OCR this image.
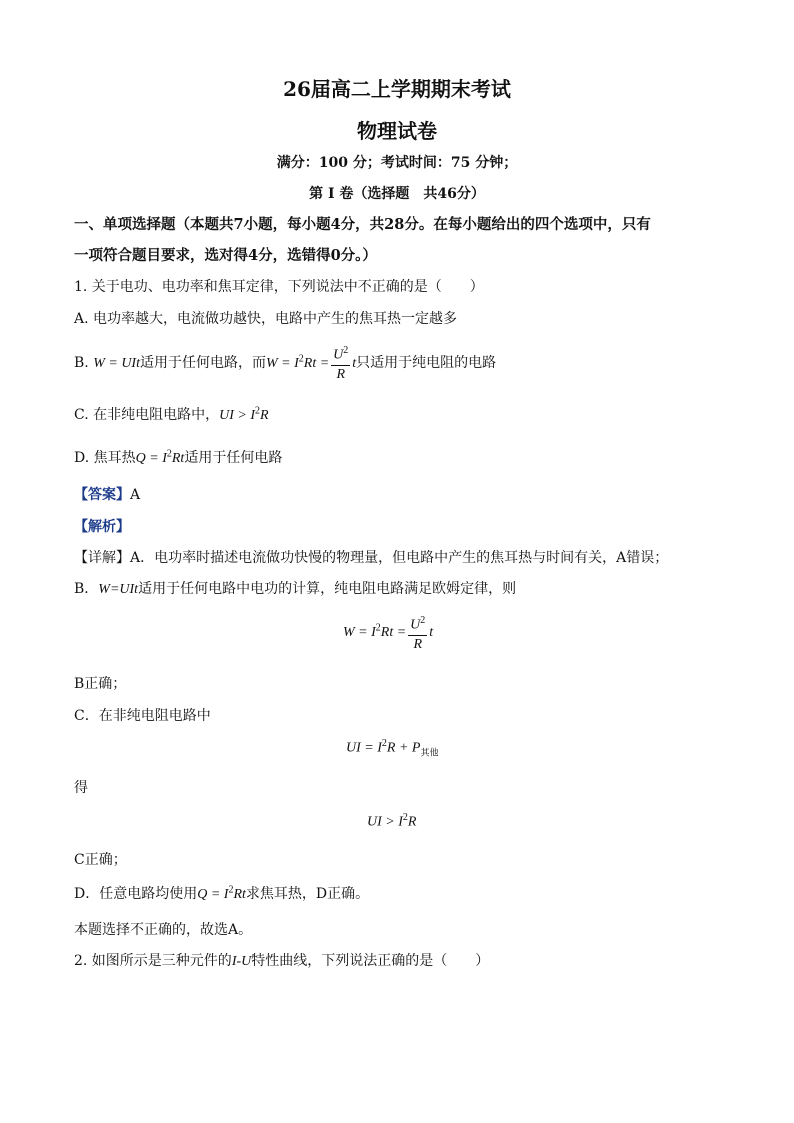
26届高二上学期期末考试
物理试卷
满分：100 分；考试时间：75 分钟；
第 I 卷（选择题　共46分）
一、单项选择题（本题共7小题，每小题4分，共28分。在每小题给出的四个选项中，只有
一项符合题目要求，选对得4分，选错得0分。）
1. 关于电功、电功率和焦耳定律，下列说法中不正确的是（　　）
A. 电功率越大，电流做功越快，电路中产生的焦耳热一定越多
B. W = UIt适用于任何电路，而$W = I^2Rt = \frac{U^2}{R}$ t只适用于纯电阻的电路
C. 在非纯电阻电路中，UI > $I^2R$
D. 焦耳热$Q = I^2Rt$适用于任何电路
【答案】A
【解析】
【详解】A．电功率时描述电流做功快慢的物理量，但电路中产生的焦耳热与时间有关，A错误；
B．W=UIt适用于任何电路中电功的计算，纯电阻电路满足欧姆定律，则
$W = I^2Rt = \frac{U^2}{R}$ t
B正确；
C．在非纯电阻电路中
UI = $I^2R + P_{其他}$
得
UI > $I^2R$
C正确；
D．任意电路均使用$Q = I^2Rt$求焦耳热，D正确。
本题选择不正确的，故选A。
2. 如图所示是三种元件的I-U特性曲线，下列说法正确的是（　　）
